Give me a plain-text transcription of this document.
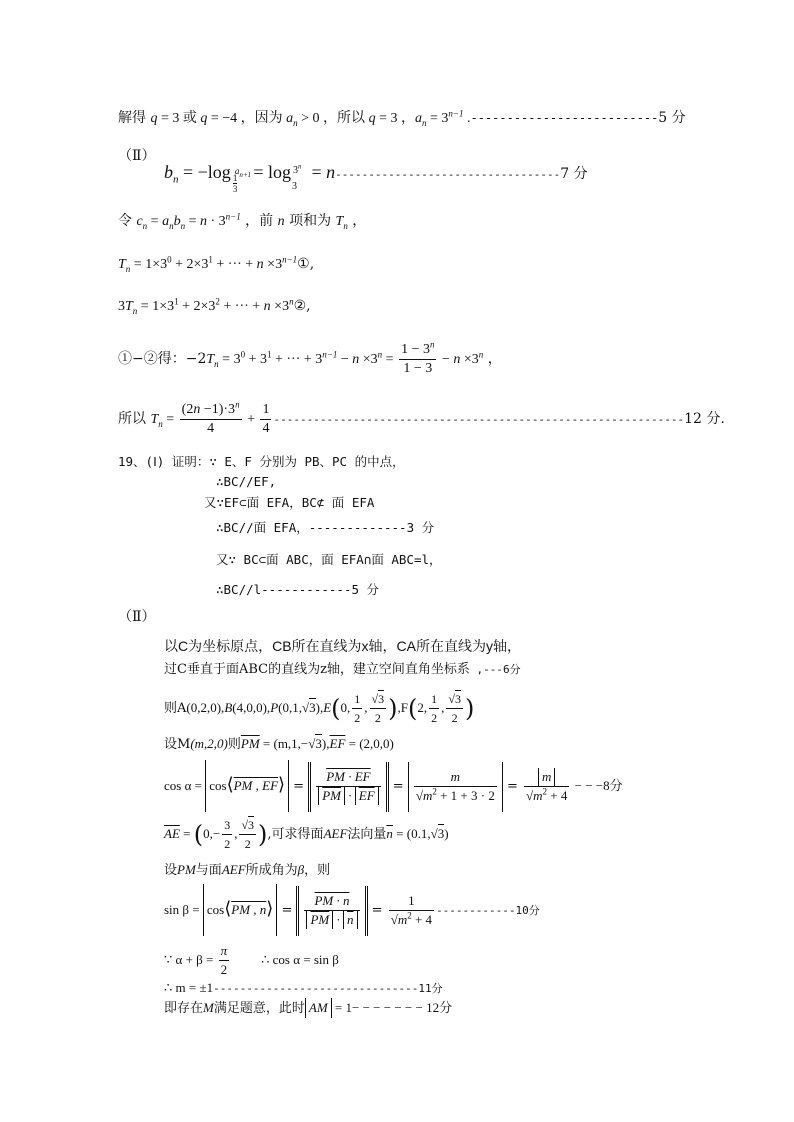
解得 q = 3 或 q = −4 ，因为 $a_n > 0$ ，所以 q = 3 ，$a_n = 3^{n-1}$ .--------------------------5 分
（Ⅱ）
$b_n = -\log$ $a_{n+1}$
1
3
= log 3$^n$
3
= n----------------------------------7 分
令 $c_n = a_nb_n = n \cdot 3^{n-1}$ ，前 n 项和为 $T_n$ ，
$T_n = 1\times 3^0 + 2\times 3^1$ + ··· + $n \times 3^{n-1}①$,
$3T_n = 1\times 3^1 + 2\times 3^2$ + ··· + $n \times 3^n②$,
①−②得：$-2T_n = 3^0 + 3^1$ + ··· + $3^{n-1} - n \times 3^n = \frac{1 - 3^n}{1 - 3} - n \times 3^n$ ，
所以 $T_n = \frac{(2n -1)\cdot 3^n}{4} + \frac{1}{4} --------------------------------------------------------------12$ 分.
19、(Ⅰ) 证明：∵ E、F 分别为 PB、PC 的中点，
∴BC//EF,
又∵EF⊂面 EFA，BC⊄ 面 EFA
∴BC//面 EFA，-------------3 分
又∵ BC⊂面 ABC，面 EFA∩面 ABC=l，
∴BC//l------------5 分
（Ⅱ）
以C为坐标原点，CB所在直线为x轴，CA所在直线为y轴，
过C垂直于面ABC的直线为z轴，建立空间直角坐标系 ,---6分
则A(0,2,0),B(4,0,0),P(0,1, √ 3),E(0, $\frac{1}{2}$ , √ $\frac{3}{2} ),F(2$, $\frac{1}{2}$ , √ $\frac{3}{2}$ )
设M(m,2,0)则$\overline{PM} = (m,1,-$ √ $3),\overline{EF} = (2,0,0)$
cos α = cos⟨PM , EF⟩ = $\frac{PM \cdot EF}{\overline{PM} \cdot \overline{EF}} = m$
√ $m^2 + 1 + 3 \cdot 2 = m$
√ $m^2 + 4$ − − −8分
$\overline{AE} = (0,- \frac{3}{2}$ , √ $\frac{3}{2}$ ),可求得面AEF法向量$\overline{n} = (0.1$, √ 3)
设PM与面AEF所成角为β，则
sin β = cos⟨PM , n⟩ = $\frac{PM \cdot n}{\overline{PM} \cdot \overline{n}} = 1$
√ $m^2 + 4$ ------------10分
∵ $\alpha + \beta = \frac{\pi}{2}$ ∴ cos α = sin β
∴ m = ±1-------------------------------11分
即存在M满足题意，此时 AM = 1− − − − − − − 12分
